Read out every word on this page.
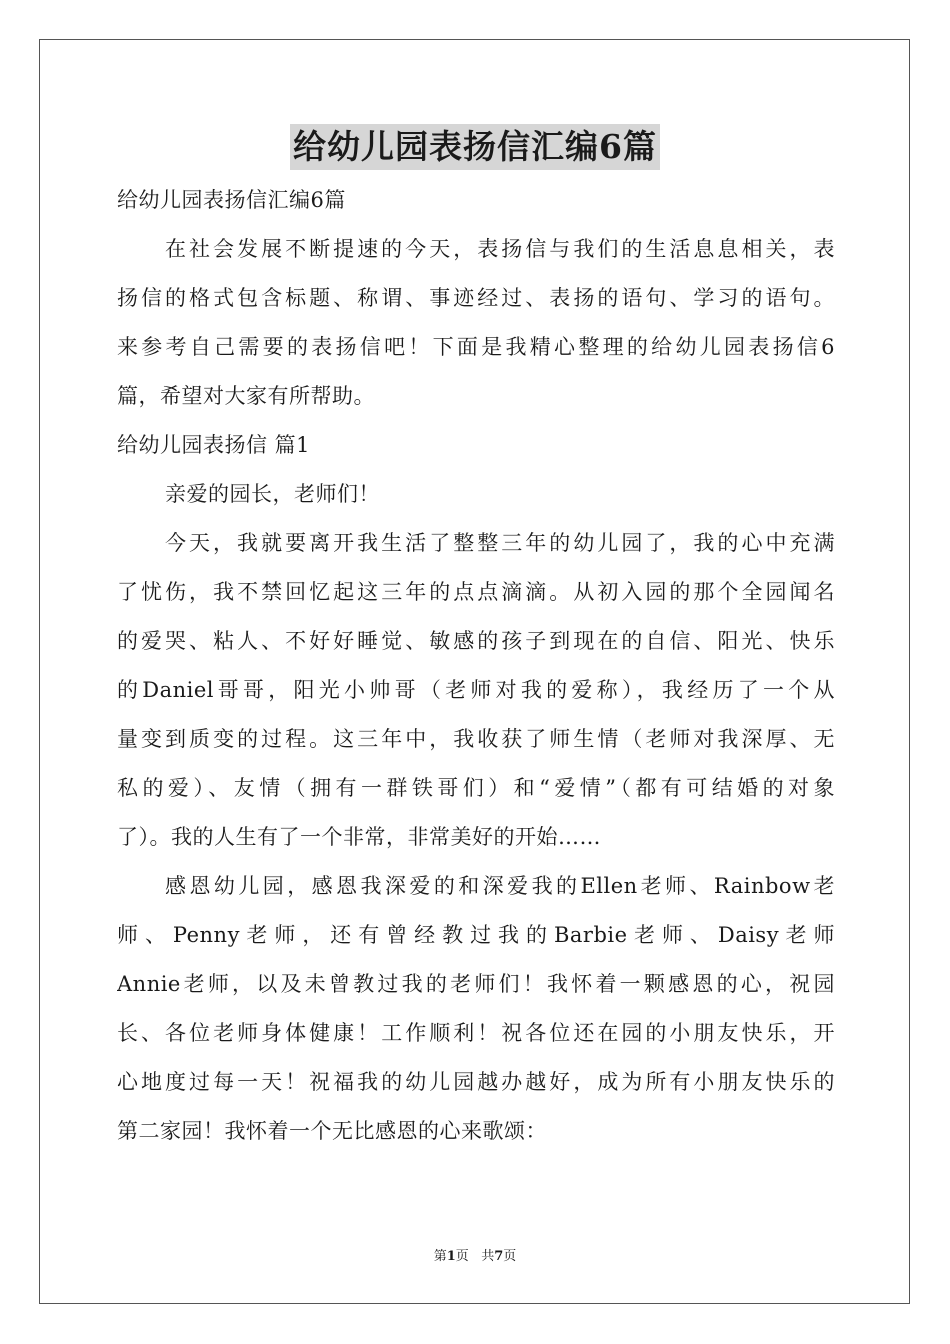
给幼儿园表扬信汇编6篇
给幼儿园表扬信汇编6篇
在社会发展不断提速的今天，表扬信与我们的生活息息相关，表
扬信的格式包含标题、称谓、事迹经过、表扬的语句、学习的语句。
来参考自己需要的表扬信吧！下面是我精心整理的给幼儿园表扬信6
篇，希望对大家有所帮助。
给幼儿园表扬信 篇1
亲爱的园长，老师们！
今天，我就要离开我生活了整整三年的幼儿园了，我的心中充满
了忧伤，我不禁回忆起这三年的点点滴滴。从初入园的那个全园闻名
的爱哭、粘人、不好好睡觉、敏感的孩子到现在的自信、阳光、快乐
的Daniel哥哥，阳光小帅哥（老师对我的爱称），我经历了一个从
量变到质变的过程。这三年中，我收获了师生情（老师对我深厚、无
私的爱）、友情（拥有一群铁哥们）和“爱情”（都有可结婚的对象
了）。我的人生有了一个非常，非常美好的开始……
感恩幼儿园，感恩我深爱的和深爱我的Ellen老师、Rainbow老
师、Penny老师，还有曾经教过我的Barbie老师、Daisy老师
Annie老师，以及未曾教过我的老师们！我怀着一颗感恩的心，祝园
长、各位老师身体健康！工作顺利！祝各位还在园的小朋友快乐，开
心地度过每一天！祝福我的幼儿园越办越好，成为所有小朋友快乐的
第二家园！我怀着一个无比感恩的心来歌颂：
第1页 共7页
